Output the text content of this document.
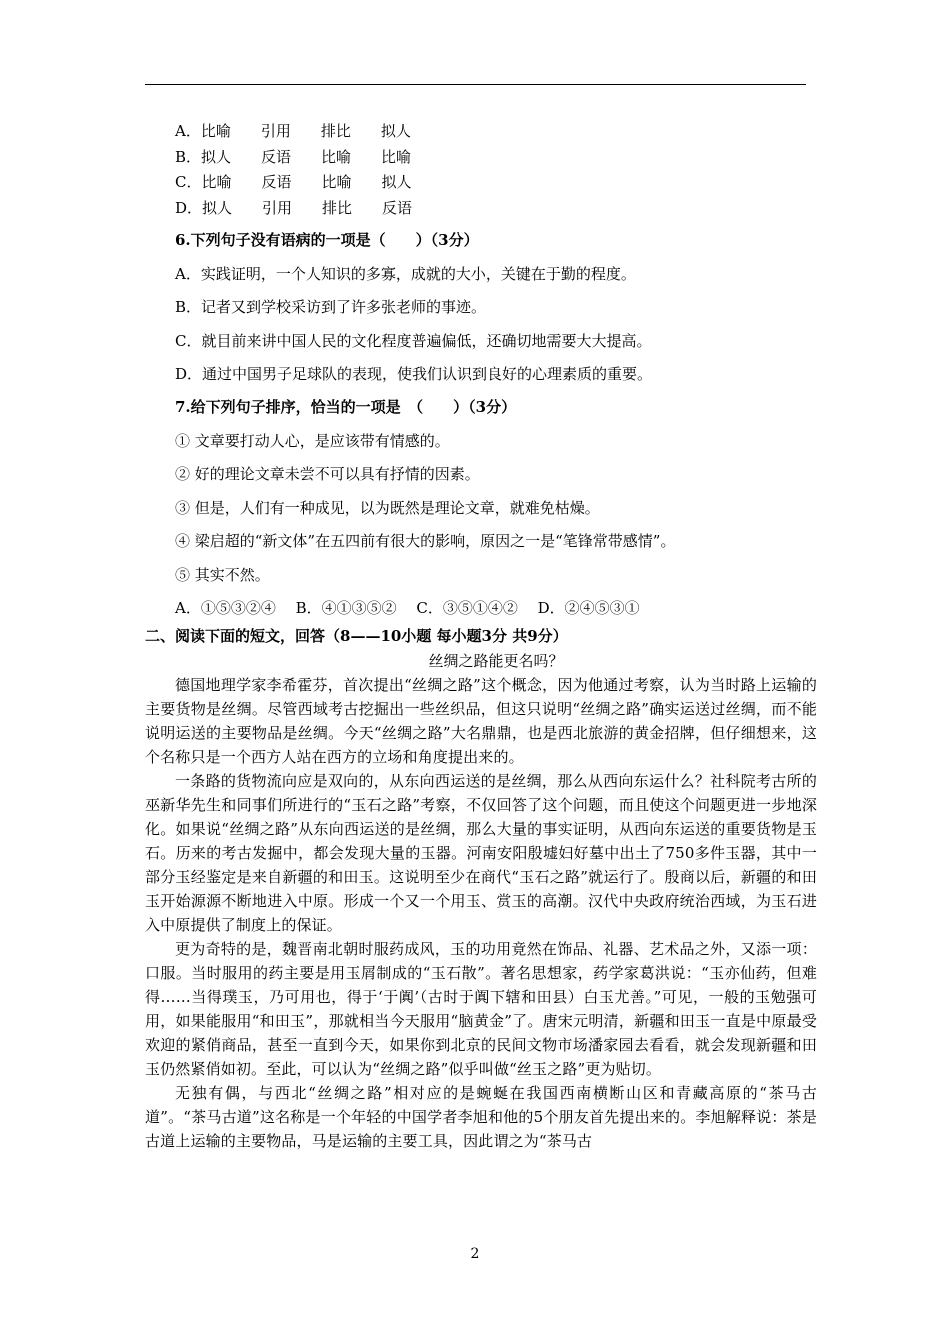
A．比喻　　引用　　排比　　拟人
B．拟人　　反语　　比喻　　比喻
C．比喻　　反语　　比喻　　拟人
D．拟人　　引用　　排比　　反语
6.下列句子没有语病的一项是（　　）（3分）
A．实践证明，一个人知识的多寡，成就的大小，关键在于勤的程度。
B．记者又到学校采访到了许多张老师的事迹。
C．就目前来讲中国人民的文化程度普遍偏低，还确切地需要大大提高。
D．通过中国男子足球队的表现，使我们认识到良好的心理素质的重要。
7.给下列句子排序，恰当的一项是　（　　）（3分）
① 文章要打动人心，是应该带有情感的。
② 好的理论文章未尝不可以具有抒情的因素。
③ 但是，人们有一种成见，以为既然是理论文章，就难免枯燥。
④ 梁启超的“新文体”在五四前有很大的影响，原因之一是“笔锋常带感情”。
⑤ 其实不然。
A．①⑤③②④　 B．④①③⑤②　 C．③⑤①④②　 D．②④⑤③①
二、阅读下面的短文，回答（8——10小题 每小题3分 共9分）
丝绸之路能更名吗？
德国地理学家李希霍芬，首次提出“丝绸之路”这个概念，因为他通过考察，认为当时路上运输的主要货物是丝绸。尽管西域考古挖掘出一些丝织品，但这只说明“丝绸之路”确实运送过丝绸，而不能说明运送的主要物品是丝绸。今天“丝绸之路”大名鼎鼎，也是西北旅游的黄金招牌，但仔细想来，这个名称只是一个西方人站在西方的立场和角度提出来的。
一条路的货物流向应是双向的，从东向西运送的是丝绸，那么从西向东运什么？社科院考古所的巫新华先生和同事们所进行的“玉石之路”考察，不仅回答了这个问题，而且使这个问题更进一步地深化。如果说“丝绸之路”从东向西运送的是丝绸，那么大量的事实证明，从西向东运送的重要货物是玉石。历来的考古发掘中，都会发现大量的玉器。河南安阳殷墟妇好墓中出土了750多件玉器，其中一部分玉经鉴定是来自新疆的和田玉。这说明至少在商代“玉石之路”就运行了。殷商以后，新疆的和田玉开始源源不断地进入中原。形成一个又一个用玉、赏玉的高潮。汉代中央政府统治西域，为玉石进入中原提供了制度上的保证。
更为奇特的是，魏晋南北朝时服药成风，玉的功用竟然在饰品、礼器、艺术品之外，又添一项：口服。当时服用的药主要是用玉屑制成的“玉石散”。著名思想家，药学家葛洪说：“玉亦仙药，但难得……当得璞玉，乃可用也，得于‘于阗’（古时于阗下辖和田县）白玉尤善。”可见，一般的玉勉强可用，如果能服用“和田玉”，那就相当今天服用“脑黄金”了。唐宋元明清，新疆和田玉一直是中原最受欢迎的紧俏商品，甚至一直到今天，如果你到北京的民间文物市场潘家园去看看，就会发现新疆和田玉仍然紧俏如初。至此，可以认为“丝绸之路”似乎叫做“丝玉之路”更为贴切。
无独有偶，与西北“丝绸之路”相对应的是蜿蜒在我国西南横断山区和青藏高原的“茶马古道”。“茶马古道”这名称是一个年轻的中国学者李旭和他的5个朋友首先提出来的。李旭解释说：茶是古道上运输的主要物品，马是运输的主要工具，因此谓之为“茶马古
2
